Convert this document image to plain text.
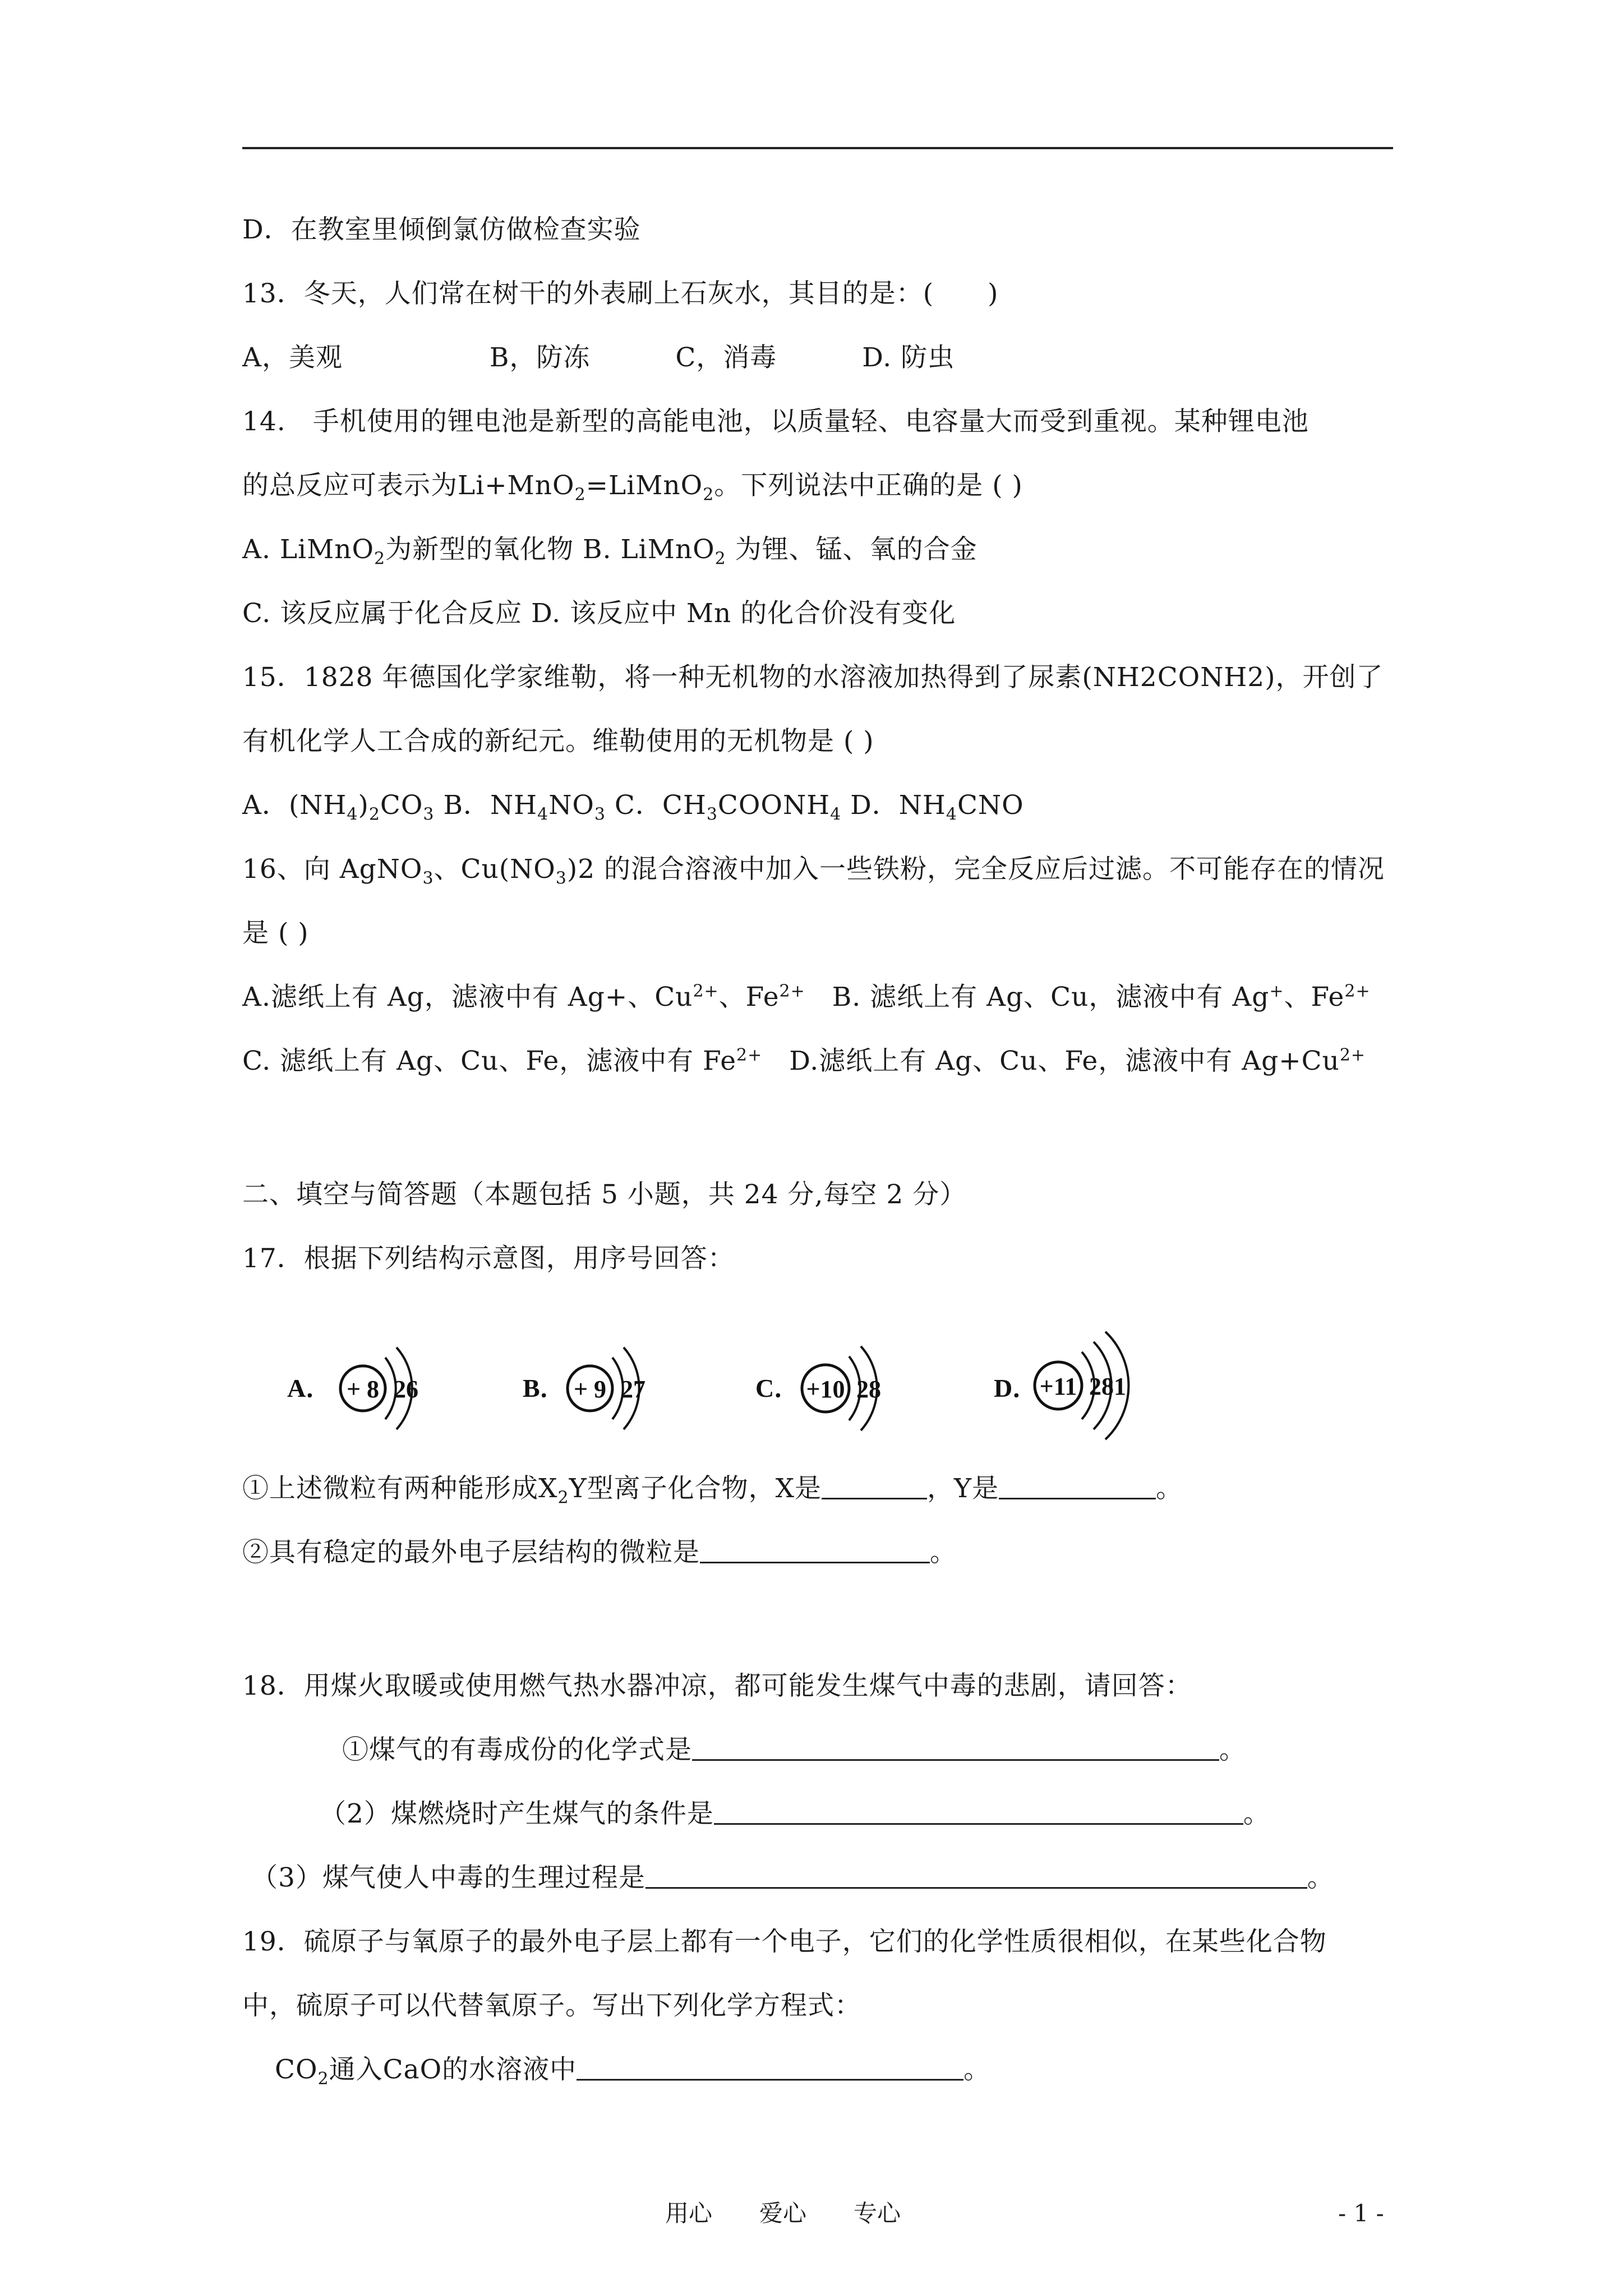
D．在教室里倾倒氯仿做检查实验
13．冬天，人们常在树干的外表刷上石灰水，其目的是：(　　)
A，美观	B，防冻	C，消毒	D. 防虫
14.　手机使用的锂电池是新型的高能电池，以质量轻、电容量大而受到重视。某种锂电池
的总反应可表示为Li+MnO$_2$=LiMnO$_2$。下列说法中正确的是 ( )
A. LiMnO$_2$为新型的氧化物 B. LiMnO$_2$ 为锂、锰、氧的合金
C. 该反应属于化合反应 D. 该反应中 Mn 的化合价没有变化
15．1828 年德国化学家维勒，将一种无机物的水溶液加热得到了尿素(NH2CONH2)，开创了
有机化学人工合成的新纪元。维勒使用的无机物是 ( )
A．$(NH_4)_2CO_3$ B．$NH_4NO_3$ C．$CH_3COONH_4$ D．$NH_4CNO$
16、向 AgNO$_3$、$Cu(NO_3)2$ 的混合溶液中加入一些铁粉，完全反应后过滤。不可能存在的情况
是 ( )
A.滤纸上有 Ag，滤液中有 Ag+、$Cu^{2+}$、$Fe^{2+}$　B. 滤纸上有 Ag、Cu，滤液中有 Ag+、$Fe^{2+}$
C. 滤纸上有 Ag、Cu、Fe，滤液中有 $Fe^{2+}$　D.滤纸上有 Ag、Cu、Fe，滤液中有 $Ag+Cu^{2+}$
二、填空与简答题（本题包括 5 小题，共 24 分,每空 2 分）
17．根据下列结构示意图，用序号回答：
A． + 8 26	B． + 9 27	C． +10 28	D． +11 281
①上述微粒有两种能形成$X_2Y$型离子化合物，X是	，Y是	。
②具有稳定的最外电子层结构的微粒是	。
18．用煤火取暖或使用燃气热水器冲凉，都可能发生煤气中毒的悲剧，请回答：
①煤气的有毒成份的化学式是	。
（2）煤燃烧时产生煤气的条件是	。
（3）煤气使人中毒的生理过程是	。
19．硫原子与氧原子的最外电子层上都有一个电子，它们的化学性质很相似，在某些化合物
中，硫原子可以代替氧原子。写出下列化学方程式：
$CO_2$通入CaO的水溶液中	。
用心　　爱心　　专心	- 1 -
